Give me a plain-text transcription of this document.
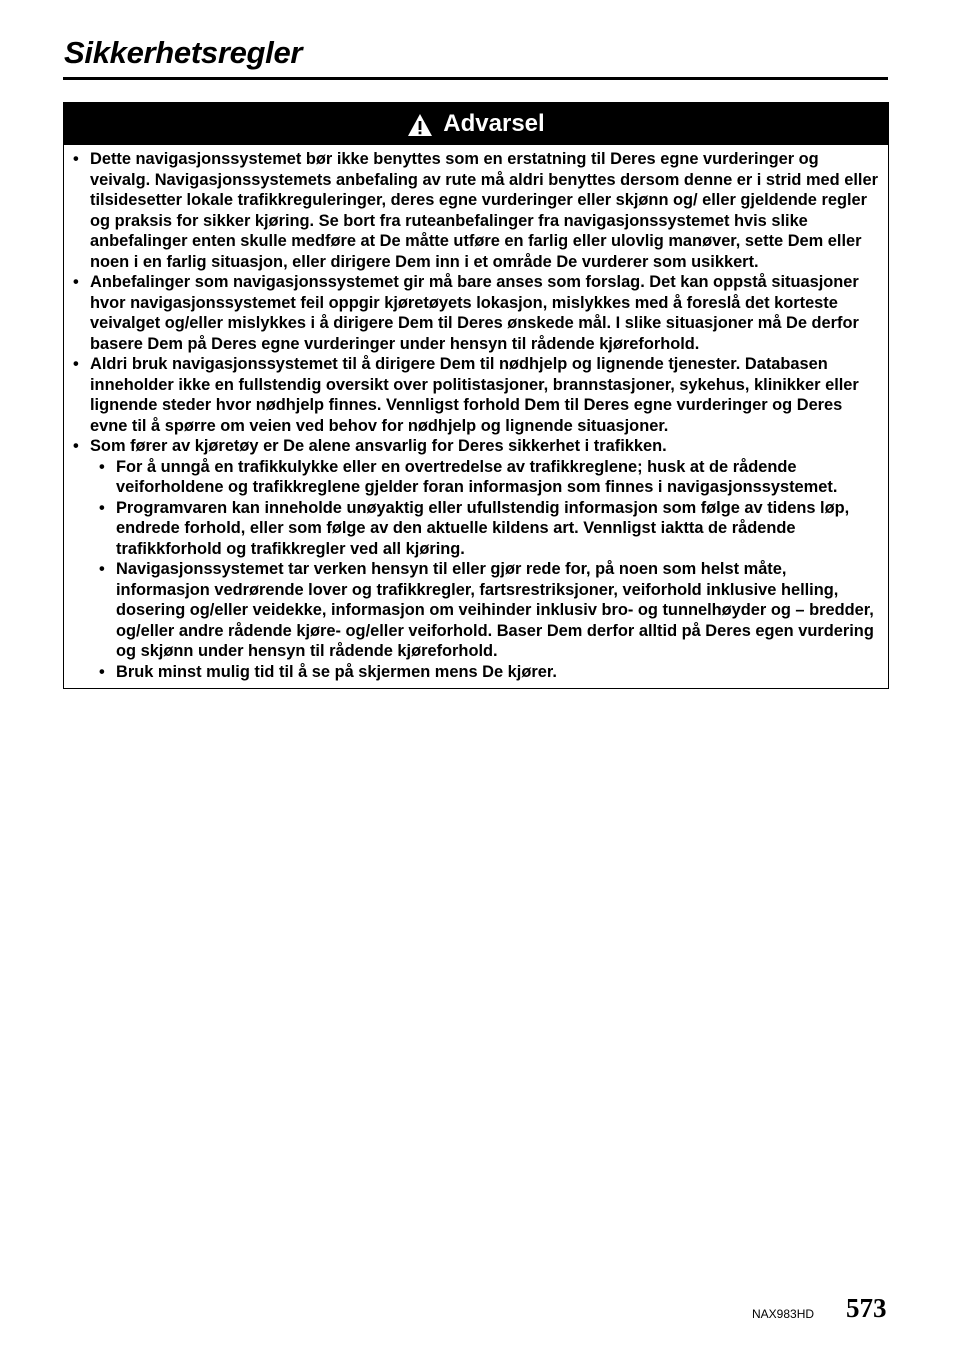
Sikkerhetsregler
Advarsel
• Dette navigasjonssystemet bør ikke benyttes som en erstatning til Deres egne vurderinger og veivalg. Navigasjonssystemets anbefaling av rute må aldri benyttes dersom denne er i strid med eller tilsidesetter lokale trafikkreguleringer, deres egne vurderinger eller skjønn og/ eller gjeldende regler og praksis for sikker kjøring. Se bort fra ruteanbefalinger fra navigasjonssystemet hvis slike anbefalinger enten skulle medføre at De måtte utføre en farlig eller ulovlig manøver, sette Dem eller noen i en farlig situasjon, eller dirigere Dem inn i et område De vurderer som usikkert.
• Anbefalinger som navigasjonssystemet gir må bare anses som forslag. Det kan oppstå situasjoner hvor navigasjonssystemet feil oppgir kjøretøyets lokasjon, mislykkes med å foreslå det korteste veivalget og/eller mislykkes i å dirigere Dem til Deres ønskede mål. I slike situasjoner må De derfor basere Dem på Deres egne vurderinger under hensyn til rådende kjøreforhold.
• Aldri bruk navigasjonssystemet til å dirigere Dem til nødhjelp og lignende tjenester. Databasen inneholder ikke en fullstendig oversikt over politistasjoner, brannstasjoner, sykehus, klinikker eller lignende steder hvor nødhjelp finnes. Vennligst forhold Dem til Deres egne vurderinger og Deres evne til å spørre om veien ved behov for nødhjelp og lignende situasjoner.
• Som fører av kjøretøy er De alene ansvarlig for Deres sikkerhet i trafikken.
• For å unngå en trafikkulykke eller en overtredelse av trafikkreglene; husk at de rådende veiforholdene og trafikkreglene gjelder foran informasjon som finnes i navigasjonssystemet.
• Programvaren kan inneholde unøyaktig eller ufullstendig informasjon som følge av tidens løp, endrede forhold, eller som følge av den aktuelle kildens art. Vennligst iaktta de rådende trafikkforhold og trafikkregler ved all kjøring.
• Navigasjonssystemet tar verken hensyn til eller gjør rede for, på noen som helst måte, informasjon vedrørende lover og trafikkregler, fartsrestriksjoner, veiforhold inklusive helling, dosering og/eller veidekke, informasjon om veihinder inklusiv bro- og tunnelhøyder og – bredder, og/eller andre rådende kjøre- og/eller veiforhold. Baser Dem derfor alltid på Deres egen vurdering og skjønn under hensyn til rådende kjøreforhold.
• Bruk minst mulig tid til å se på skjermen mens De kjører.
NAX983HD 573
